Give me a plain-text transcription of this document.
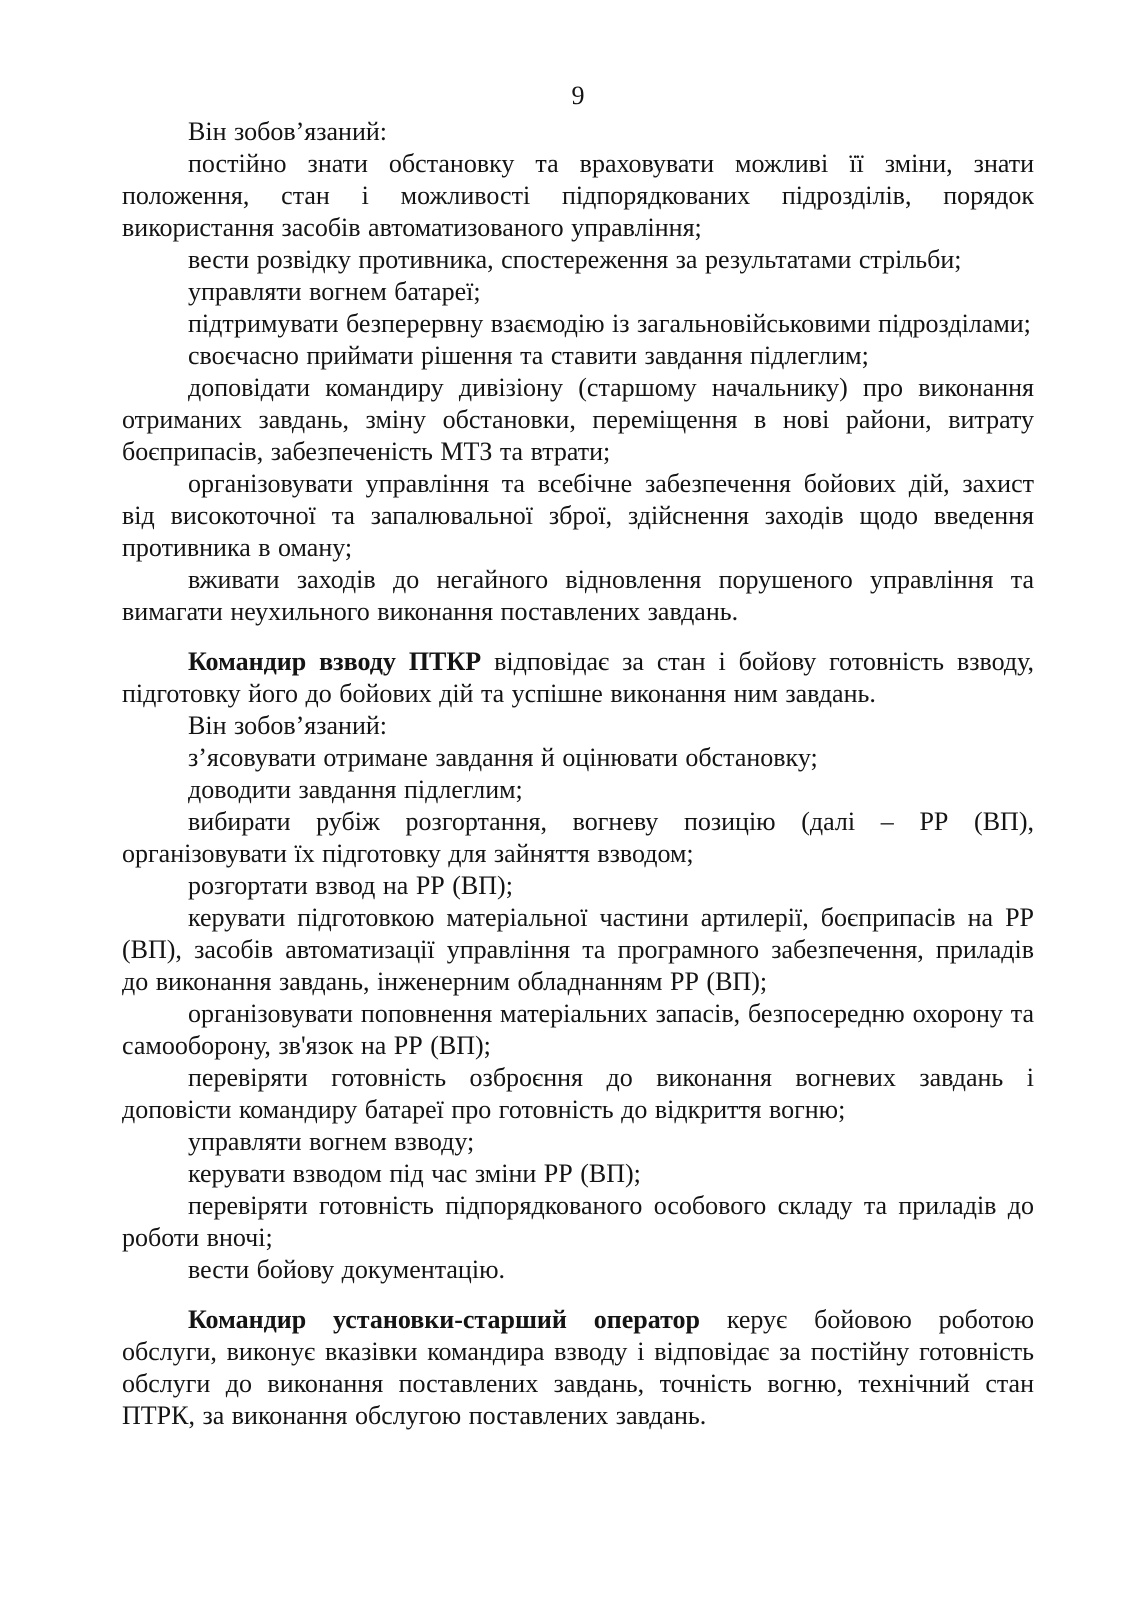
9

Він зобов’язаний:

постійно знати обстановку та враховувати можливі її зміни, знати положення, стан і можливості підпорядкованих підрозділів, порядок використання засобів автоматизованого управління;

вести розвідку противника, спостереження за результатами стрільби;

управляти вогнем батареї;

підтримувати безперервну взаємодію із загальновійськовими підрозділами;

своєчасно приймати рішення та ставити завдання підлеглим;

доповідати командиру дивізіону (старшому начальнику) про виконання отриманих завдань, зміну обстановки, переміщення в нові райони, витрату боєприпасів, забезпеченість МТЗ та втрати;

організовувати управління та всебічне забезпечення бойових дій, захист від високоточної та запалювальної зброї, здійснення заходів щодо введення противника в оману;

вживати заходів до негайного відновлення порушеного управління та вимагати неухильного виконання поставлених завдань.

Командир взводу ПТКР відповідає за стан і бойову готовність взводу, підготовку його до бойових дій та успішне виконання ним завдань.

Він зобов’язаний:

з’ясовувати отримане завдання й оцінювати обстановку;

доводити завдання підлеглим;

вибирати рубіж розгортання, вогневу позицію (далі – РР (ВП), організовувати їх підготовку для зайняття взводом;

розгортати взвод на РР (ВП);

керувати підготовкою матеріальної частини артилерії, боєприпасів на РР (ВП), засобів автоматизації управління та програмного забезпечення, приладів до виконання завдань, інженерним обладнанням РР (ВП);

організовувати поповнення матеріальних запасів, безпосередню охорону та самооборону, зв'язок на РР (ВП);

перевіряти готовність озброєння до виконання вогневих завдань і доповісти командиру батареї про готовність до відкриття вогню;

управляти вогнем взводу;

керувати взводом під час зміни РР (ВП);

перевіряти готовність підпорядкованого особового складу та приладів до роботи вночі;

вести бойову документацію.

Командир установки-старший оператор керує бойовою роботою обслуги, виконує вказівки командира взводу і відповідає за постійну готовність обслуги до виконання поставлених завдань, точність вогню, технічний стан ПТРК, за виконання обслугою поставлених завдань.
